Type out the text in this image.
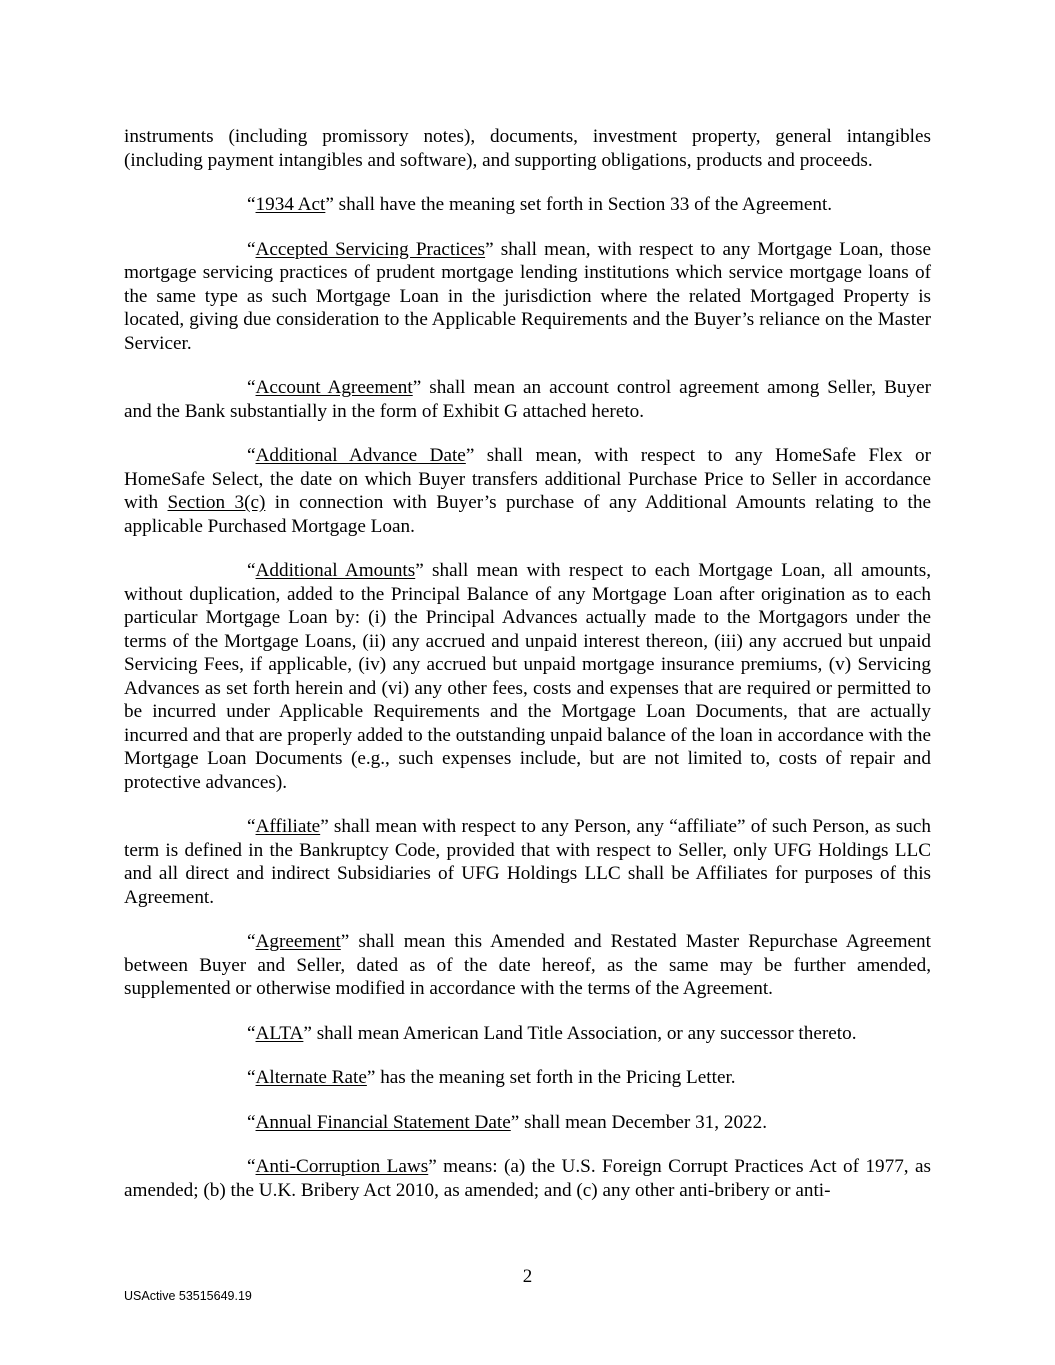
instruments (including promissory notes), documents, investment property, general intangibles (including payment intangibles and software), and supporting obligations, products and proceeds.

“1934 Act” shall have the meaning set forth in Section 33 of the Agreement.

“Accepted Servicing Practices” shall mean, with respect to any Mortgage Loan, those mortgage servicing practices of prudent mortgage lending institutions which service mortgage loans of the same type as such Mortgage Loan in the jurisdiction where the related Mortgaged Property is located, giving due consideration to the Applicable Requirements and the Buyer’s reliance on the Master Servicer.

“Account Agreement” shall mean an account control agreement among Seller, Buyer and the Bank substantially in the form of Exhibit G attached hereto.

“Additional Advance Date” shall mean, with respect to any HomeSafe Flex or HomeSafe Select, the date on which Buyer transfers additional Purchase Price to Seller in accordance with Section 3(c) in connection with Buyer’s purchase of any Additional Amounts relating to the applicable Purchased Mortgage Loan.

“Additional Amounts” shall mean with respect to each Mortgage Loan, all amounts, without duplication, added to the Principal Balance of any Mortgage Loan after origination as to each particular Mortgage Loan by: (i) the Principal Advances actually made to the Mortgagors under the terms of the Mortgage Loans, (ii) any accrued and unpaid interest thereon, (iii) any accrued but unpaid Servicing Fees, if applicable, (iv) any accrued but unpaid mortgage insurance premiums, (v) Servicing Advances as set forth herein and (vi) any other fees, costs and expenses that are required or permitted to be incurred under Applicable Requirements and the Mortgage Loan Documents, that are actually incurred and that are properly added to the outstanding unpaid balance of the loan in accordance with the Mortgage Loan Documents (e.g., such expenses include, but are not limited to, costs of repair and protective advances).

“Affiliate” shall mean with respect to any Person, any “affiliate” of such Person, as such term is defined in the Bankruptcy Code, provided that with respect to Seller, only UFG Holdings LLC and all direct and indirect Subsidiaries of UFG Holdings LLC shall be Affiliates for purposes of this Agreement.

“Agreement” shall mean this Amended and Restated Master Repurchase Agreement between Buyer and Seller, dated as of the date hereof, as the same may be further amended, supplemented or otherwise modified in accordance with the terms of the Agreement.

“ALTA” shall mean American Land Title Association, or any successor thereto.

“Alternate Rate” has the meaning set forth in the Pricing Letter.

“Annual Financial Statement Date” shall mean December 31, 2022.

“Anti-Corruption Laws” means: (a) the U.S. Foreign Corrupt Practices Act of 1977, as amended; (b) the U.K. Bribery Act 2010, as amended; and (c) any other anti-bribery or anti-

2
USActive 53515649.19
